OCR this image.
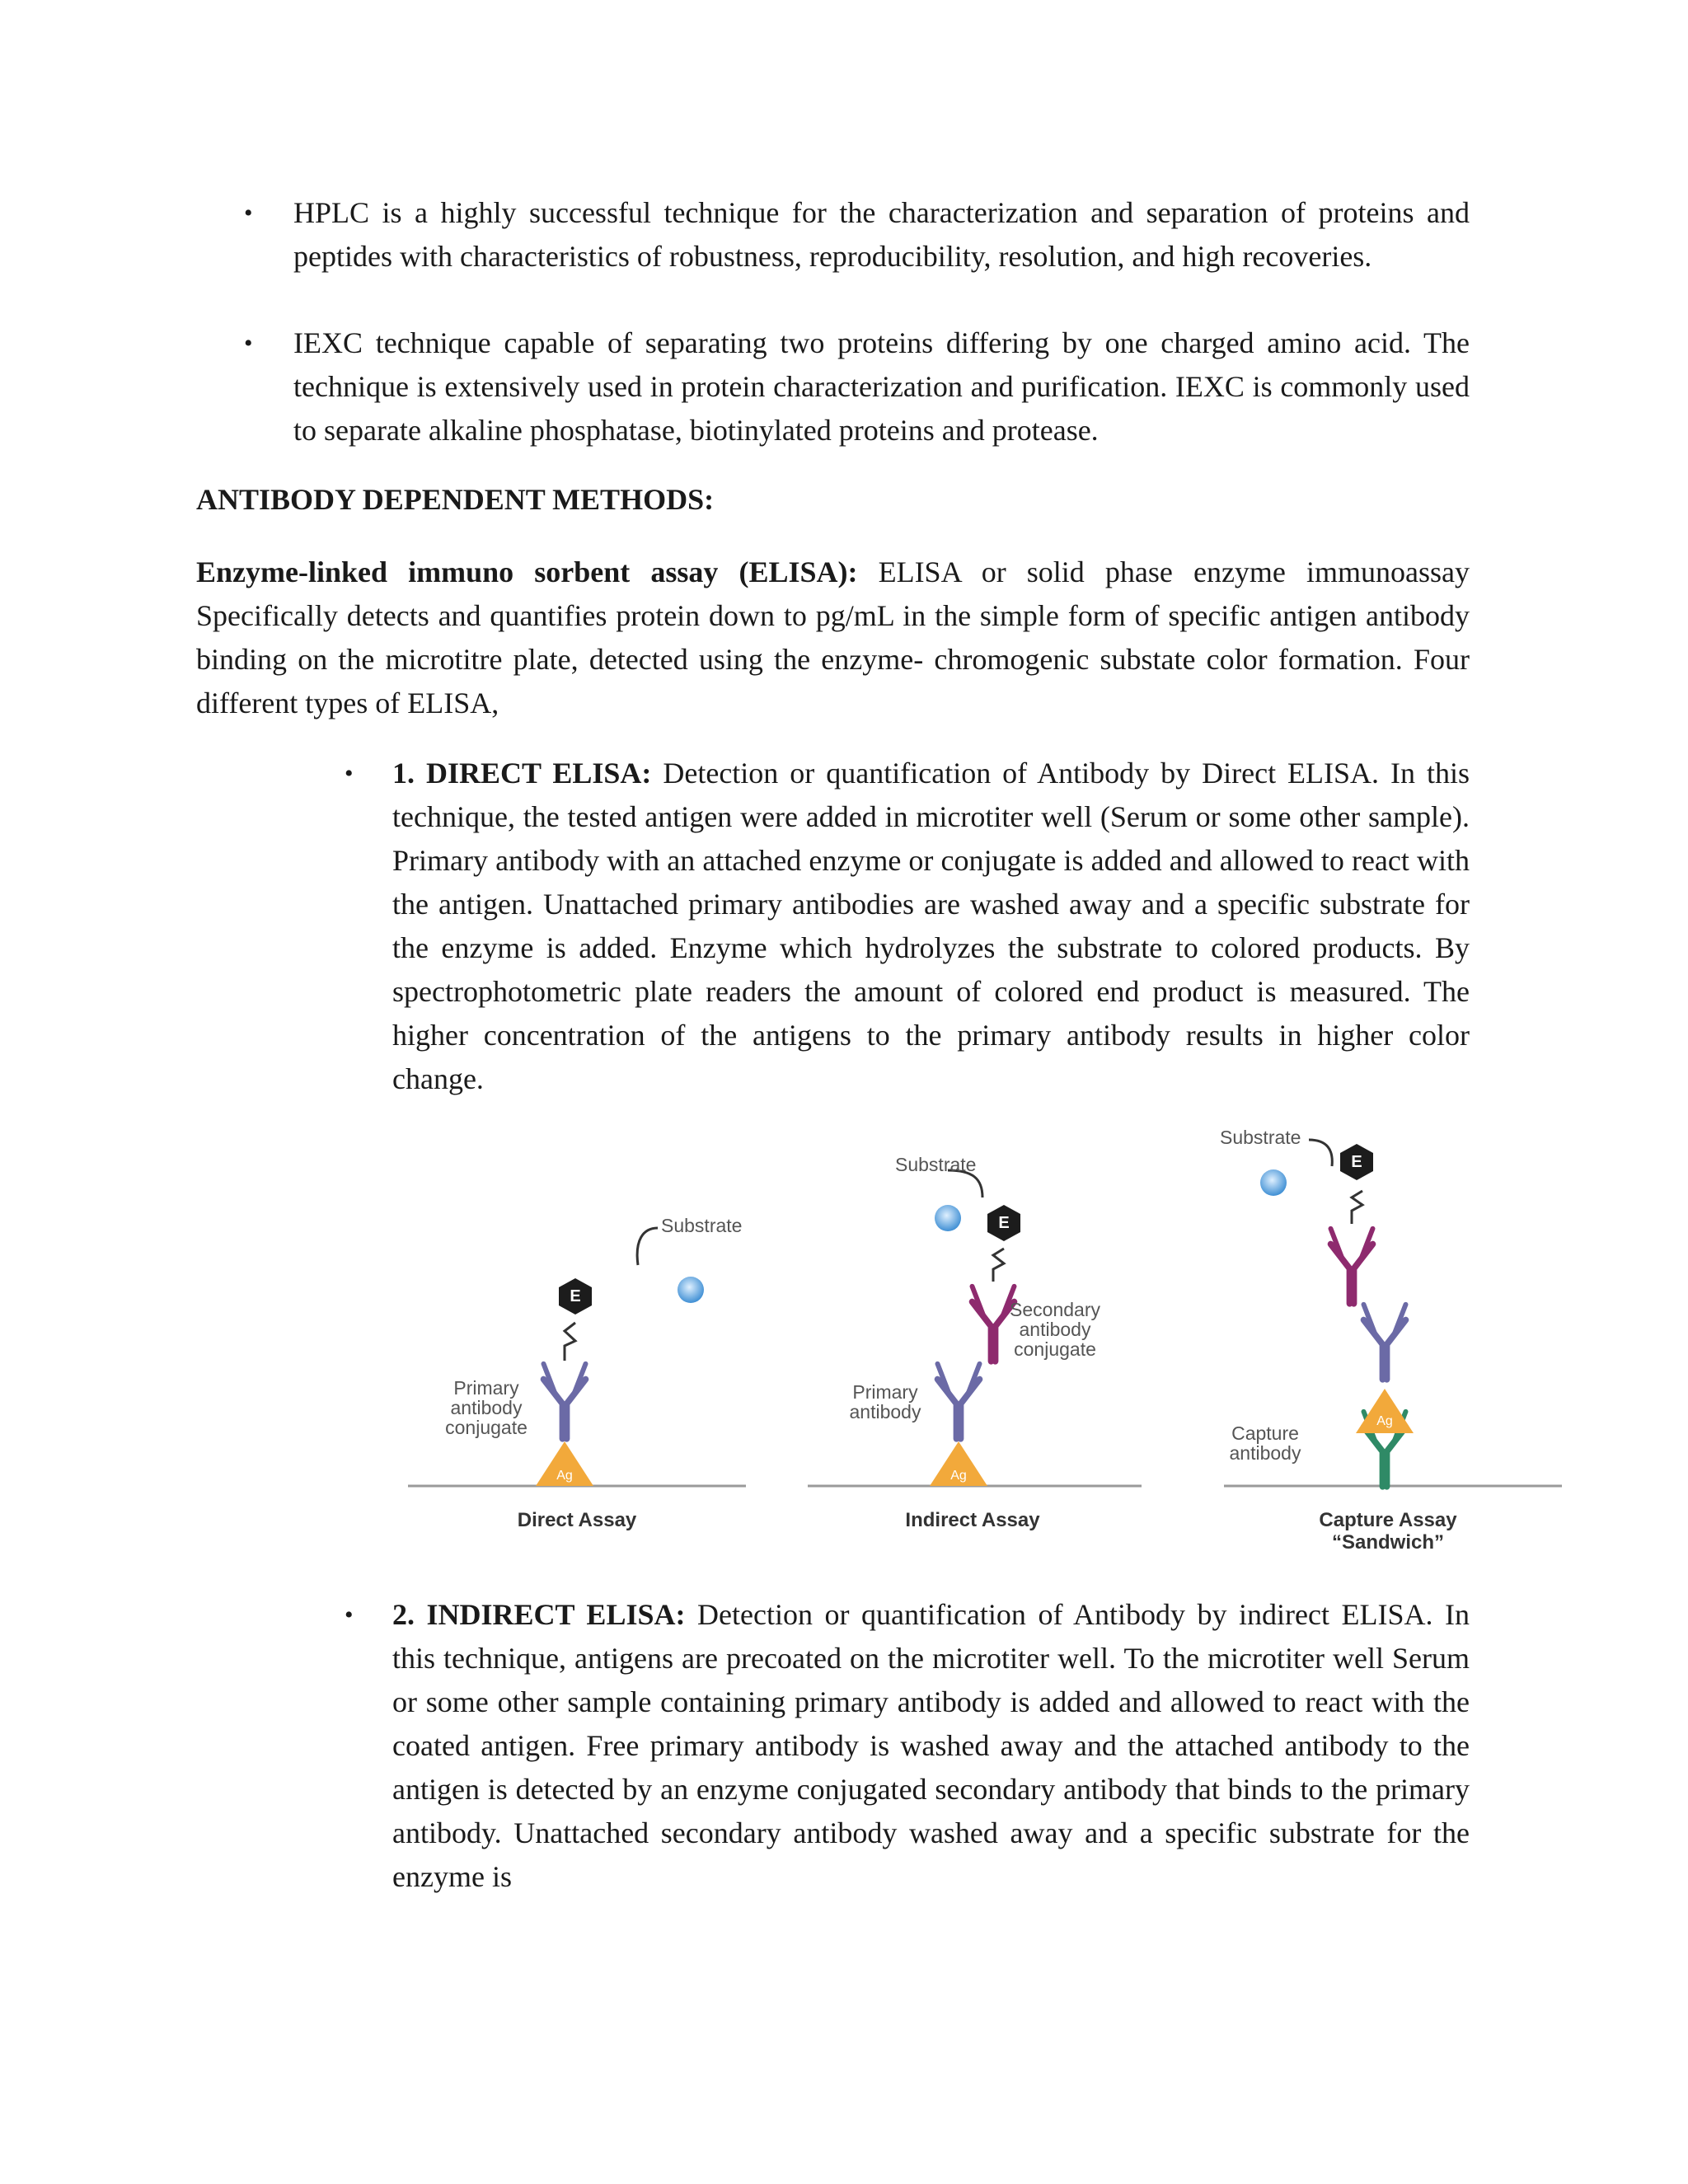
• HPLC is a highly successful technique for the characterization and separation of proteins and peptides with characteristics of robustness, reproducibility, resolution, and high recoveries.

• IEXC technique capable of separating two proteins differing by one charged amino acid. The technique is extensively used in protein characterization and purification. IEXC is commonly used to separate alkaline phosphatase, biotinylated proteins and protease.

ANTIBODY DEPENDENT METHODS:

Enzyme-linked immuno sorbent assay (ELISA): ELISA or solid phase enzyme immunoassay Specifically detects and quantifies protein down to pg/mL in the simple form of specific antigen antibody binding on the microtitre plate, detected using the enzyme- chromogenic substate color formation. Four different types of ELISA,

• 1. DIRECT ELISA: Detection or quantification of Antibody by Direct ELISA. In this technique, the tested antigen were added in microtiter well (Serum or some other sample). Primary antibody with an attached enzyme or conjugate is added and allowed to react with the antigen. Unattached primary antibodies are washed away and a specific substrate for the enzyme is added. Enzyme which hydrolyzes the substrate to colored products. By spectrophotometric plate readers the amount of colored end product is measured. The higher concentration of the antigens to the primary antibody results in higher color change.

Ag
E
Substrate
Primary
antibody
conjugate
Direct Assay
Ag
E
Substrate
Secondary
antibody
conjugate
Primary
antibody
Indirect Assay
Ag
E
Substrate
Capture
antibody
Capture Assay
“Sandwich”
• 2. INDIRECT ELISA: Detection or quantification of Antibody by indirect ELISA. In this technique, antigens are precoated on the microtiter well. To the microtiter well Serum or some other sample containing primary antibody is added and allowed to react with the coated antigen. Free primary antibody is washed away and the attached antibody to the antigen is detected by an enzyme conjugated secondary antibody that binds to the primary antibody. Unattached secondary antibody washed away and a specific substrate for the enzyme is
